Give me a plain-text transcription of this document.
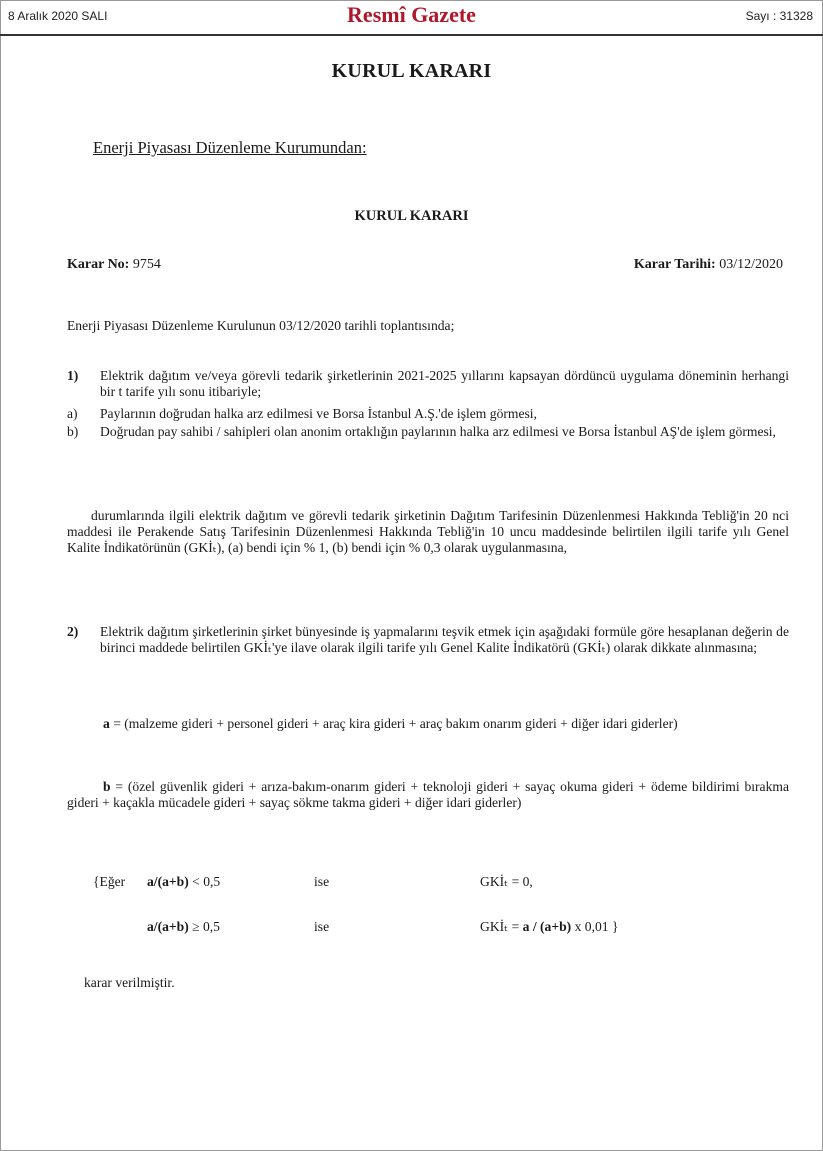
8 Aralık 2020 SALI	Resmî Gazete	Sayı : 31328
KURUL KARARI
Enerji Piyasası Düzenleme Kurumundan:
KURUL KARARI
Karar No: 9754	Karar Tarihi: 03/12/2020
Enerji Piyasası Düzenleme Kurulunun 03/12/2020 tarihli toplantısında;
1) Elektrik dağıtım ve/veya görevli tedarik şirketlerinin 2021-2025 yıllarını kapsayan dördüncü uygulama döneminin herhangi bir t tarife yılı sonu itibariyle;
a) Paylarının doğrudan halka arz edilmesi ve Borsa İstanbul A.Ş.'de işlem görmesi,
b) Doğrudan pay sahibi / sahipleri olan anonim ortaklığın paylarının halka arz edilmesi ve Borsa İstanbul AŞ'de işlem görmesi,
durumlarında ilgili elektrik dağıtım ve görevli tedarik şirketinin Dağıtım Tarifesinin Düzenlenmesi Hakkında Tebliğ'in 20 nci maddesi ile Perakende Satış Tarifesinin Düzenlenmesi Hakkında Tebliğ'in 10 uncu maddesinde belirtilen ilgili tarife yılı Genel Kalite İndikatörünün (GKİₜ), (a) bendi için % 1, (b) bendi için % 0,3 olarak uygulanmasına,
2) Elektrik dağıtım şirketlerinin şirket bünyesinde iş yapmalarını teşvik etmek için aşağıdaki formüle göre hesaplanan değerin de birinci maddede belirtilen GKİₜ'ye ilave olarak ilgili tarife yılı Genel Kalite İndikatörü (GKİₜ) olarak dikkate alınmasına;
a = (malzeme gideri + personel gideri + araç kira gideri + araç bakım onarım gideri + diğer idari giderler)
b = (özel güvenlik gideri + arıza-bakım-onarım gideri + teknoloji gideri + sayaç okuma gideri + ödeme bildirimi bırakma gideri + kaçakla mücadele gideri + sayaç sökme takma gideri + diğer idari giderler)
{Eğer a/(a+b) < 0,5	ise	GKİₜ = 0,
a/(a+b) ≥ 0,5	ise	GKİₜ = a / (a+b) x 0,01 }
karar verilmiştir.
